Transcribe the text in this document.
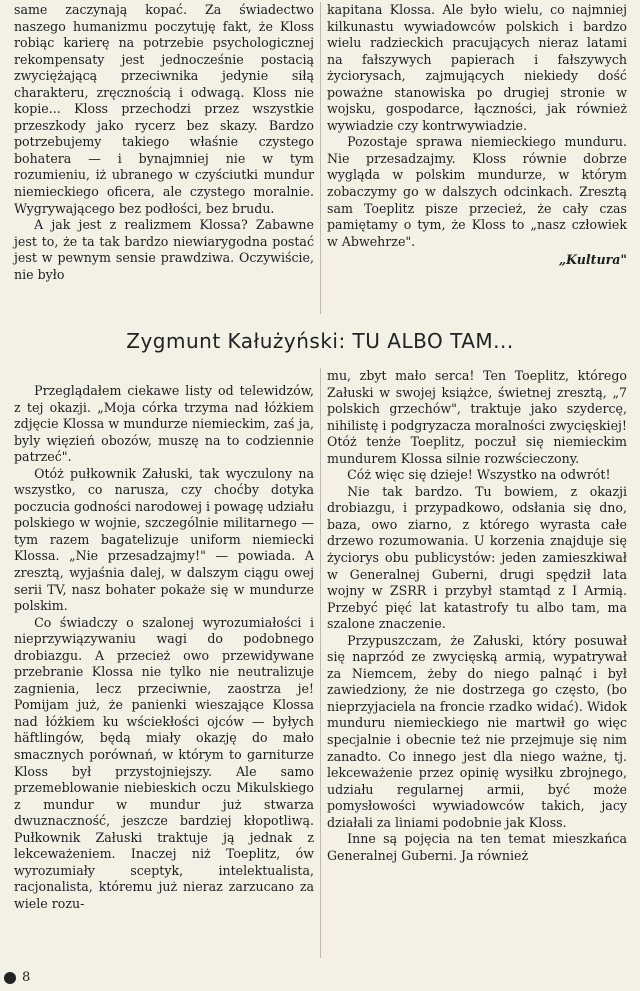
same zaczynają kopać. Za świadectwo naszego humanizmu poczytuję fakt, że Kloss robiąc karierę na potrzebie psychologicznej rekompensaty jest jednocześnie postacią zwyciężającą przeciwnika jedynie siłą charakteru, zręcznością i odwagą. Kloss nie kopie... Kloss przechodzi przez wszystkie przeszkody jako rycerz bez skazy. Bardzo potrzebujemy takiego właśnie czystego bohatera — i bynajmniej nie w tym rozumieniu, iż ubranego w czyściutki mundur niemieckiego oficera, ale czystego moralnie. Wygrywającego bez podłości, bez brudu.

A jak jest z realizmem Klossa? Zabawne jest to, że ta tak bardzo niewiarygodna postać jest w pewnym sensie prawdziwa. Oczywiście, nie było

kapitana Klossa. Ale było wielu, co najmniej kilkunastu wywiadowców polskich i bardzo wielu radzieckich pracujących nieraz latami na fałszywych papierach i fałszywych życiorysach, zajmujących niekiedy dość poważne stanowiska po drugiej stronie w wojsku, gospodarce, łączności, jak również wywiadzie czy kontrwywiadzie.

Pozostaje sprawa niemieckiego munduru. Nie przesadzajmy. Kloss równie dobrze wygląda w polskim mundurze, w którym zobaczymy go w dalszych odcinkach. Zresztą sam Toeplitz pisze przecież, że cały czas pamiętamy o tym, że Kloss to „nasz człowiek w Abwehrze".

„Kultura"

Zygmunt Kałużyński: TU ALBO TAM...

Przeglądałem ciekawe listy od telewidzów, z tej okazji. „Moja córka trzyma nad łóżkiem zdjęcie Klossa w mundurze niemieckim, zaś ja, byly więzień obozów, muszę na to codziennie patrzeć".

Otóż pułkownik Załuski, tak wyczulony na wszystko, co narusza, czy choćby dotyka poczucia godności narodowej i powagę udziału polskiego w wojnie, szczególnie militarnego — tym razem bagatelizuje uniform niemiecki Klossa. „Nie przesadzajmy!" — powiada. A zresztą, wyjaśnia dalej, w dalszym ciągu owej serii TV, nasz bohater pokaże się w mundurze polskim.

Co świadczy o szalonej wyrozumiałości i nieprzywiązywaniu wagi do podobnego drobiazgu. A przecież owo przewidywane przebranie Klossa nie tylko nie neutralizuje zagnienia, lecz przeciwnie, zaostrza je! Pomijam już, że panienki wieszające Klossa nad łóżkiem ku wściekłości ojców — byłych häftlingów, będą miały okazję do mało smacznych porównań, w którym to garniturze Kloss był przystojniejszy. Ale samo przemeblowanie niebieskich oczu Mikulskiego z mundur w mundur już stwarza dwuznaczność, jeszcze bardziej kłopotliwą. Pułkownik Załuski traktuje ją jednak z lekceważeniem. Inaczej niż Toeplitz, ów wyrozumiały sceptyk, intelektualista, racjonalista, któremu już nieraz zarzucano za wiele rozu-

mu, zbyt mało serca! Ten Toeplitz, którego Załuski w swojej książce, świetnej zresztą, „7 polskich grzechów", traktuje jako szydercę, nihilistę i podgryzacza moralności zwycięskiej! Otóż tenże Toeplitz, poczuł się niemieckim mundurem Klossa silnie rozwścieczony.

Cóż więc się dzieje! Wszystko na odwrót!

Nie tak bardzo. Tu bowiem, z okazji drobiazgu, i przypadkowo, odsłania się dno, baza, owo ziarno, z którego wyrasta całe drzewo rozumowania. U korzenia znajduje się życiorys obu publicystów: jeden zamieszkiwał w Generalnej Guberni, drugi spędził lata wojny w ZSRR i przybył stamtąd z I Armią. Przebyć pięć lat katastrofy tu albo tam, ma szalone znaczenie.

Przypuszczam, że Załuski, który posuwał się naprzód ze zwycięską armią, wypatrywał za Niemcem, żeby do niego palnąć i był zawiedziony, że nie dostrzega go często, (bo nieprzyjaciela na froncie rzadko widać). Widok munduru niemieckiego nie martwił go więc specjalnie i obecnie też nie przejmuje się nim zanadto. Co innego jest dla niego ważne, tj. lekceważenie przez opinię wysiłku zbrojnego, udziału regularnej armii, być może pomysłowości wywiadowców takich, jacy działali za liniami podobnie jak Kloss.

Inne są pojęcia na ten temat mieszkańca Generalnej Guberni. Ja również

8
